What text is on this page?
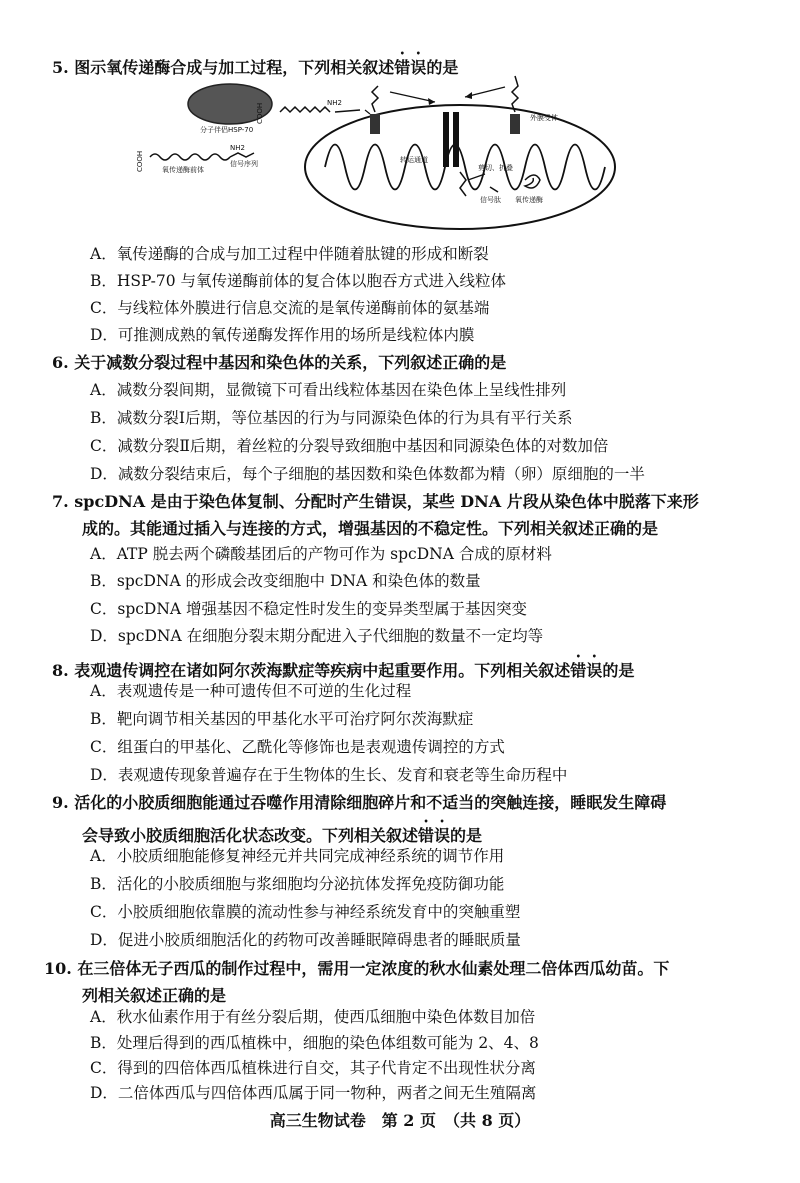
5. 图示氧传递酶合成与加工过程，下列相关叙述错误的是
分子伴侣HSP-70
NH2
COOH
NH2
COOH	氧传递酶前体
信号序列
外膜受体
转运通道
剪切、折叠
信号肽 氧传递酶
A．氧传递酶的合成与加工过程中伴随着肽键的形成和断裂
B．HSP-70 与氧传递酶前体的复合体以胞吞方式进入线粒体
C．与线粒体外膜进行信息交流的是氧传递酶前体的氨基端
D．可推测成熟的氧传递酶发挥作用的场所是线粒体内膜
6. 关于减数分裂过程中基因和染色体的关系，下列叙述正确的是
A．减数分裂间期，显微镜下可看出线粒体基因在染色体上呈线性排列
B．减数分裂Ⅰ后期，等位基因的行为与同源染色体的行为具有平行关系
C．减数分裂Ⅱ后期，着丝粒的分裂导致细胞中基因和同源染色体的对数加倍
D．减数分裂结束后，每个子细胞的基因数和染色体数都为精（卵）原细胞的一半
7. spcDNA 是由于染色体复制、分配时产生错误，某些 DNA 片段从染色体中脱落下来形
成的。其能通过插入与连接的方式，增强基因的不稳定性。下列相关叙述正确的是
A．ATP 脱去两个磷酸基团后的产物可作为 spcDNA 合成的原材料
B．spcDNA 的形成会改变细胞中 DNA 和染色体的数量
C．spcDNA 增强基因不稳定性时发生的变异类型属于基因突变
D．spcDNA 在细胞分裂末期分配进入子代细胞的数量不一定均等
8. 表观遗传调控在诸如阿尔茨海默症等疾病中起重要作用。下列相关叙述错误的是
A．表观遗传是一种可遗传但不可逆的生化过程
B．靶向调节相关基因的甲基化水平可治疗阿尔茨海默症
C．组蛋白的甲基化、乙酰化等修饰也是表观遗传调控的方式
D．表观遗传现象普遍存在于生物体的生长、发育和衰老等生命历程中
9. 活化的小胶质细胞能通过吞噬作用清除细胞碎片和不适当的突触连接，睡眠发生障碍
会导致小胶质细胞活化状态改变。下列相关叙述错误的是
A．小胶质细胞能修复神经元并共同完成神经系统的调节作用
B．活化的小胶质细胞与浆细胞均分泌抗体发挥免疫防御功能
C．小胶质细胞依靠膜的流动性参与神经系统发育中的突触重塑
D．促进小胶质细胞活化的药物可改善睡眠障碍患者的睡眠质量
10. 在三倍体无子西瓜的制作过程中，需用一定浓度的秋水仙素处理二倍体西瓜幼苗。下
列相关叙述正确的是
A．秋水仙素作用于有丝分裂后期，使西瓜细胞中染色体数目加倍
B．处理后得到的西瓜植株中，细胞的染色体组数可能为 2、4、8
C．得到的四倍体西瓜植株进行自交，其子代肯定不出现性状分离
高三生物试卷　第 2 页　（共 8 页）
D．二倍体西瓜与四倍体西瓜属于同一物种，两者之间无生殖隔离
